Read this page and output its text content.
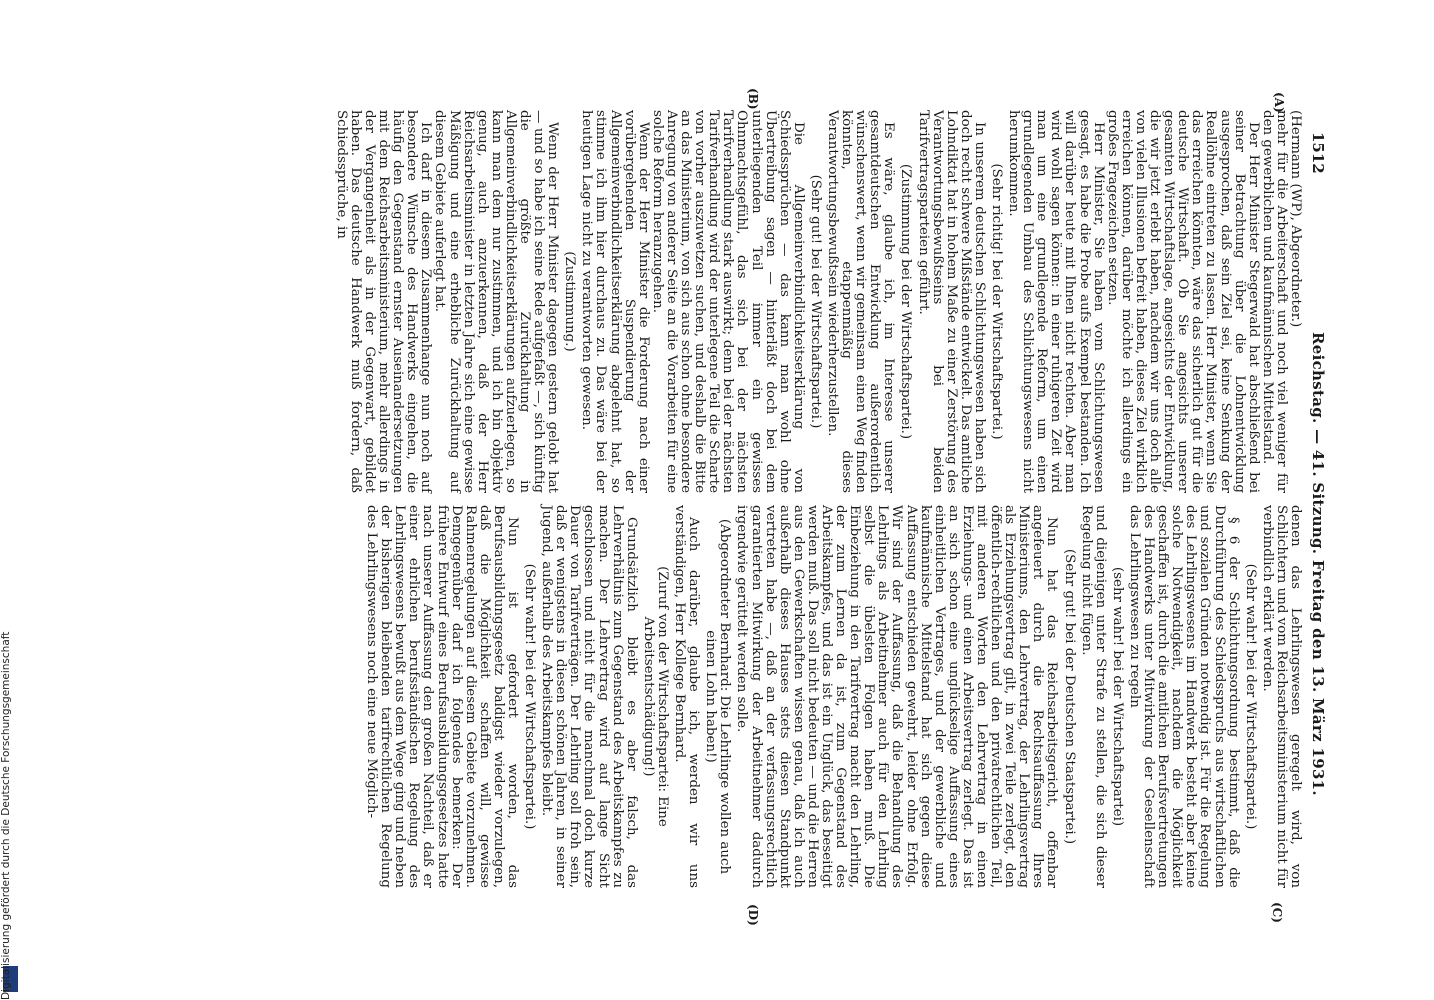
1512
Reichstag. — 41. Sitzung. Freitag den 13. März 1931.
(A)
(B)
(C)
(D)

(Hermann (WP), Abgeordneter.)

mehr für die Arbeiterschaft und noch viel weniger für den gewerblichen und kaufmännischen Mittelstand.

Der Herr Minister Stegerwald hat abschließend bei seiner Betrachtung über die Lohnentwicklung ausgesprochen, daß sein Ziel sei, keine Senkung der Reallöhne eintreten zu lassen. Herr Minister, wenn Sie das erreichen könnten, wäre das sicherlich gut für die deutsche Wirtschaft. Ob Sie angesichts unserer gesamten Wirtschaftslage, angesichts der Entwicklung, die wir jetzt erlebt haben, nachdem wir uns doch alle von vielen Illusionen befreit haben, dieses Ziel wirklich erreichen können, darüber möchte ich allerdings ein großes Fragezeichen setzen.

Herr Minister, Sie haben vom Schlichtungswesen gesagt, es habe die Probe aufs Exempel bestanden. Ich will darüber heute mit Ihnen nicht rechten. Aber man wird wohl sagen können: in einer ruhigeren Zeit wird man um eine grundlegende Reform, um einen grundlegenden Umbau des Schlichtungswesens nicht herumkommen.

(Sehr richtig! bei der Wirtschaftspartei.)

In unserem deutschen Schlichtungswesen haben sich doch recht schwere Mißstände entwickelt. Das amtliche Lohndiktat hat in hohem Maße zu einer Zerstörung des Verantwortungsbewußtseins bei beiden Tarifvertragsparteien geführt.

(Zustimmung bei der Wirtschaftspartei.)

Es wäre, glaube ich, im Interesse unserer gesamtdeutschen Entwicklung außerordentlich wünschenswert, wenn wir gemeinsam einen Weg finden könnten, etappenmäßig dieses Verantwortungsbewußtsein wiederherzustellen.

(Sehr gut! bei der Wirtschaftspartei.)

Die Allgemeinverbindlichkeitserklärung von Schiedssprüchen — das kann man wohl ohne Übertreibung sagen — hinterläßt doch bei dem unterliegenden Teil immer ein gewisses Ohnmachtsgefühl, das sich bei der nächsten Tarifverhandlung stark auswirkt; denn bei der nächsten Tarifverhandlung wird der unterlegene Teil die Scharte von vorher auszuwetzen suchen, und deshalb die Bitte an das Ministerium, von sich aus schon ohne besondere Anregung von anderer Seite an die Vorarbeiten für eine solche Reform heranzugehen.

Wenn der Herr Minister die Forderung nach einer vorübergehenden Suspendierung der Allgemeinverbindlichkeitserklärung abgelehnt hat, so stimme ich ihm hier durchaus zu. Das wäre bei der heutigen Lage nicht zu verantworten gewesen.

(Zustimmung.)

Wenn der Herr Minister dagegen gestern gelobt hat — und so habe ich seine Rede aufgefaßt —, sich künftig die größte Zurückhaltung in Allgemeinverbindlichkeitserklärungen aufzuerlegen, so kann man dem nur zustimmen, und ich bin objektiv genug, auch anzuerkennen, daß der Herr Reichsarbeitsminister in letzten Jahre sich eine gewisse Mäßigung und eine erhebliche Zurückhaltung auf diesem Gebiete auferlegt hat.

Ich darf in diesem Zusammenhange nun noch auf besondere Wünsche des Handwerks eingehen, die häufig den Gegenstand ernster Auseinandersetzungen mit dem Reichsarbeitsministerium, mehr allerdings in der Vergangenheit als in der Gegenwart, gebildet haben. Das deutsche Handwerk muß fordern, daß Schiedssprüche, in

denen das Lehrlingswesen geregelt wird, von Schlichtern und vom Reichsarbeitsministerium nicht für verbindlich erklärt werden.

(Sehr wahr! bei der Wirtschaftspartei.)

§ 6 der Schlichtungsordnung bestimmt, daß die Durchführung des Schiedsspruchs aus wirtschaftlichen und sozialen Gründen notwendig ist. Für die Regelung des Lehrlingswesens im Handwerk besteht aber keine solche Notwendigkeit, nachdem die Möglichkeit geschaffen ist, durch die amtlichen Berufsvertretungen des Handwerks unter Mitwirkung der Gesellenschaft das Lehrlingswesen zu regeln

(sehr wahr! bei der Wirtschaftspartei)

und diejenigen unter Strafe zu stellen, die sich dieser Regelung nicht fügen.

(Sehr gut! bei der Deutschen Staatspartei.)

Nun hat das Reichsarbeitsgericht, offenbar angefeuert durch die Rechtsauffassung Ihres Ministeriums, den Lehrvertrag, der Lehrlingsvertrag als Erziehungsvertrag gilt, in zwei Teile zerlegt, den öffentlich-rechtlichen und den privatrechtlichen Teil, mit anderen Worten den Lehrvertrag in einen Erziehungs- und einen Arbeitsvertrag zerlegt. Das ist an sich schon eine unglückselige Auffassung eines einheitlichen Vertrages, und der gewerbliche und kaufmännische Mittelstand hat sich gegen diese Auffassung entschieden gewehrt, leider ohne Erfolg. Wir sind der Auffassung, daß die Behandlung des Lehrlings als Arbeitnehmer auch für den Lehrling selbst die übelsten Folgen haben muß. Die Einbeziehung in den Tarifvertrag macht den Lehrling, der zum Lernen da ist, zum Gegenstand des Arbeitskampfes, und das ist ein Unglück, das beseitigt werden muß. Das soll nicht bedeuten — und die Herren aus den Gewerkschaften wissen genau, daß ich auch außerhalb dieses Hauses stets diesen Standpunkt vertreten habe —, daß an der verfassungsrechtlich garantierten Mitwirkung der Arbeitnehmer dadurch irgendwie gerüttelt werden solle.

(Abgeordneter Bernhard: Die Lehrlinge wollen auch einen Lohn haben!)

Auch darüber, glaube ich, werden wir uns verständigen, Herr Kollege Bernhard.

(Zuruf von der Wirtschaftspartei: Eine Arbeitsentschädigung!)

Grundsätzlich bleibt es aber falsch, das Lehrverhältnis zum Gegenstand des Arbeitskampfes zu machen. Der Lehrvertrag wird auf lange Sicht geschlossen und nicht für die manchmal doch kurze Dauer von Tarifverträgen. Der Lehrling soll froh sein, daß er wenigstens in diesen schönen Jahren, in seiner Jugend, außerhalb des Arbeitskampfes bleibt.

(Sehr wahr! bei der Wirtschaftspartei.)

Nun ist gefordert worden, das Berufsausbildungsgesetz baldigst wieder vorzulegen, daß die Möglichkeit schaffen will, gewisse Rahmenregelungen auf diesem Gebiete vorzunehmen. Demgegenüber darf ich folgendes bemerken: Der frühere Entwurf eines Berufsausbildungsgesetzes hatte nach unserer Auffassung den großen Nachteil, daß er einer ehrlichen berufsständischen Regelung des Lehrlingswesens bewußt aus dem Wege ging und neben der bisherigen bleibenden tarifrechtlichen Regelung des Lehrlingswesens noch eine neue Möglich-

Digitalisierung gefördert durch die Deutsche Forschungsgemeinschaft
